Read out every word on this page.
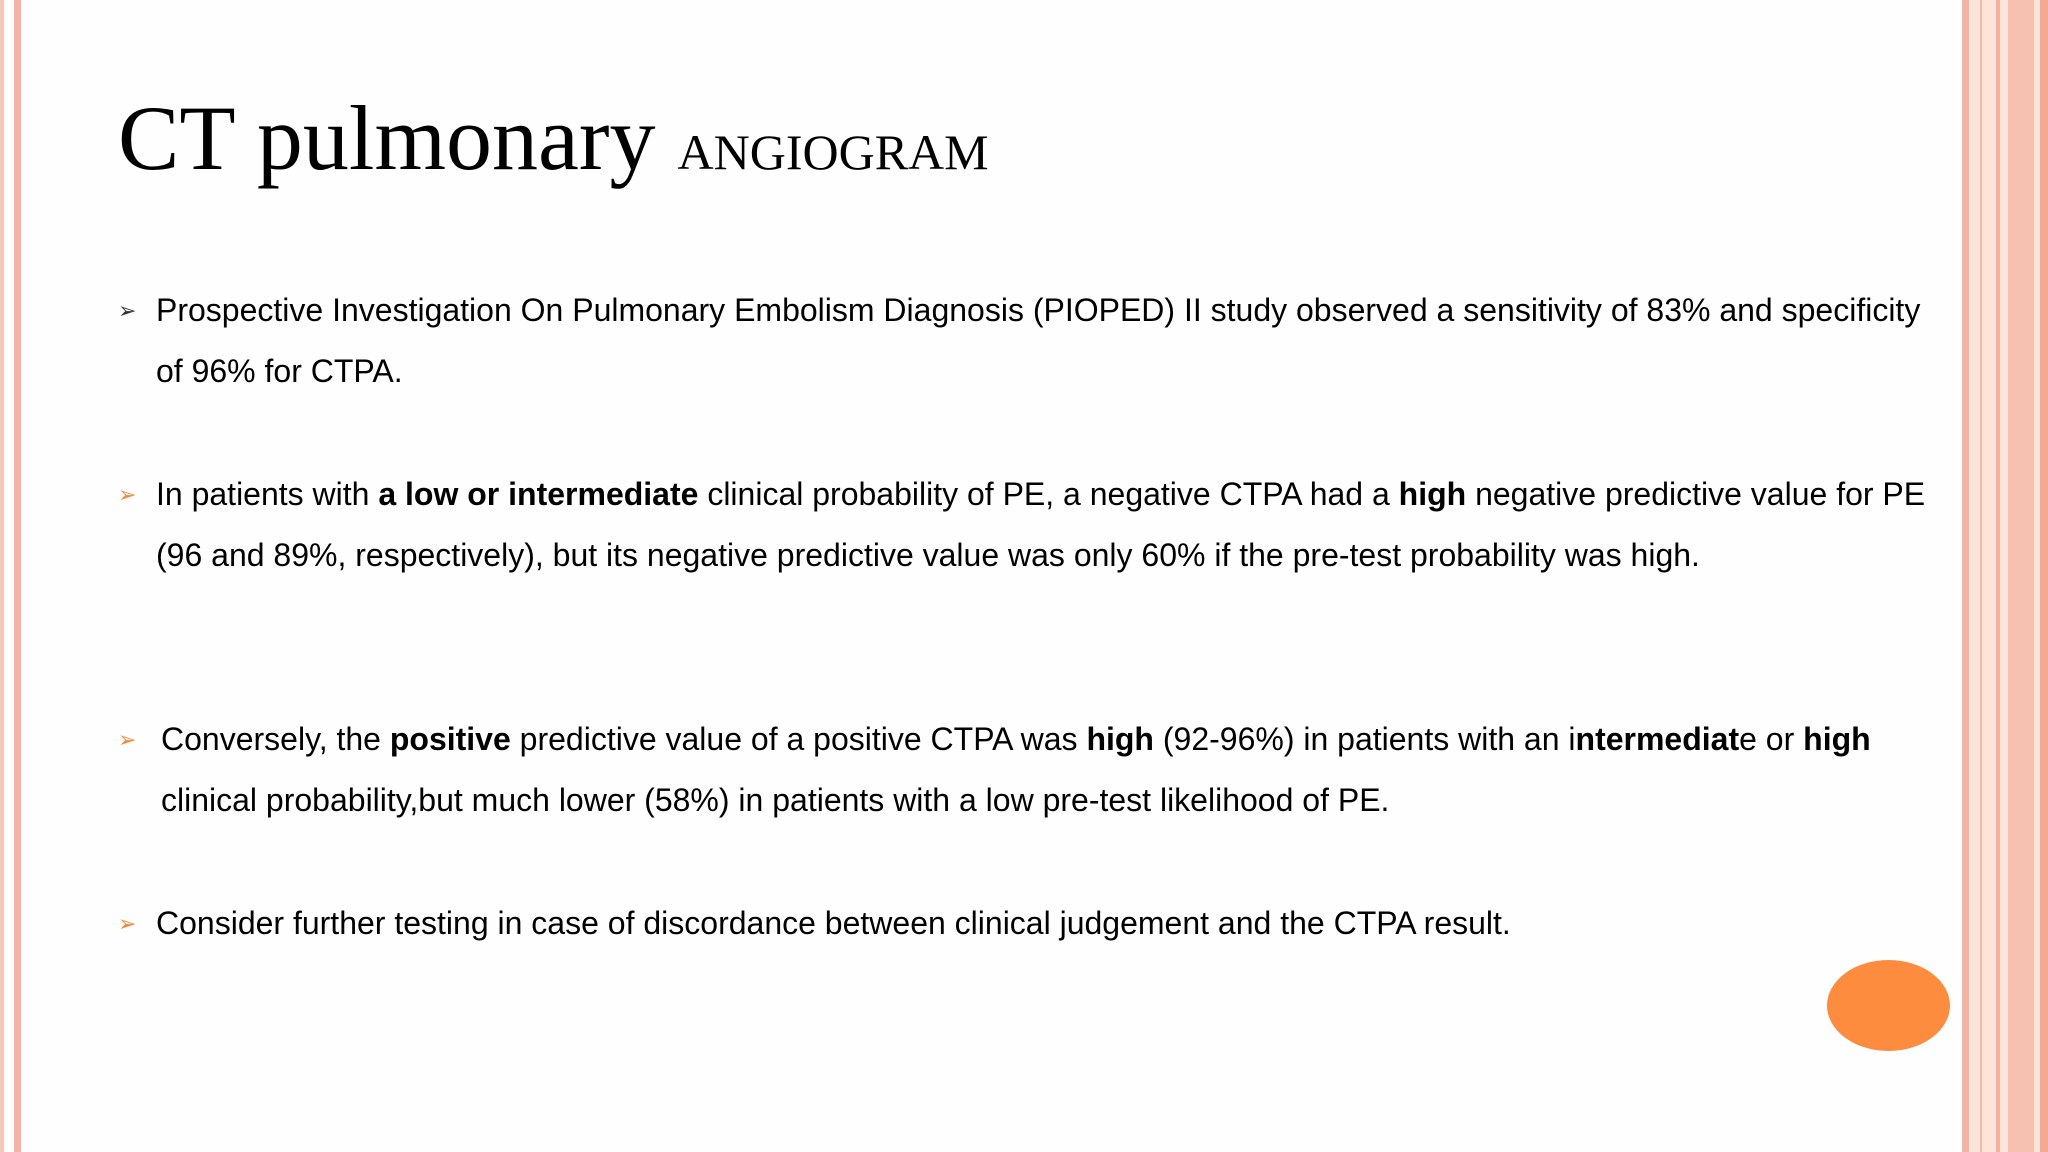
CT pulmonary ANGIOGRAM
➢ Prospective Investigation On Pulmonary Embolism Diagnosis (PIOPED) II study observed a sensitivity of 83% and specificity of 96% for CTPA.

➢ In patients with a low or intermediate clinical probability of PE, a negative CTPA had a high negative predictive value for PE (96 and 89%, respectively), but its negative predictive value was only 60% if the pre-test probability was high.

➢ Conversely, the positive predictive value of a positive CTPA was high (92-96%) in patients with an intermediate or high clinical probability,but much lower (58%) in patients with a low pre-test likelihood of PE.

➢ Consider further testing in case of discordance between clinical judgement and the CTPA result.
